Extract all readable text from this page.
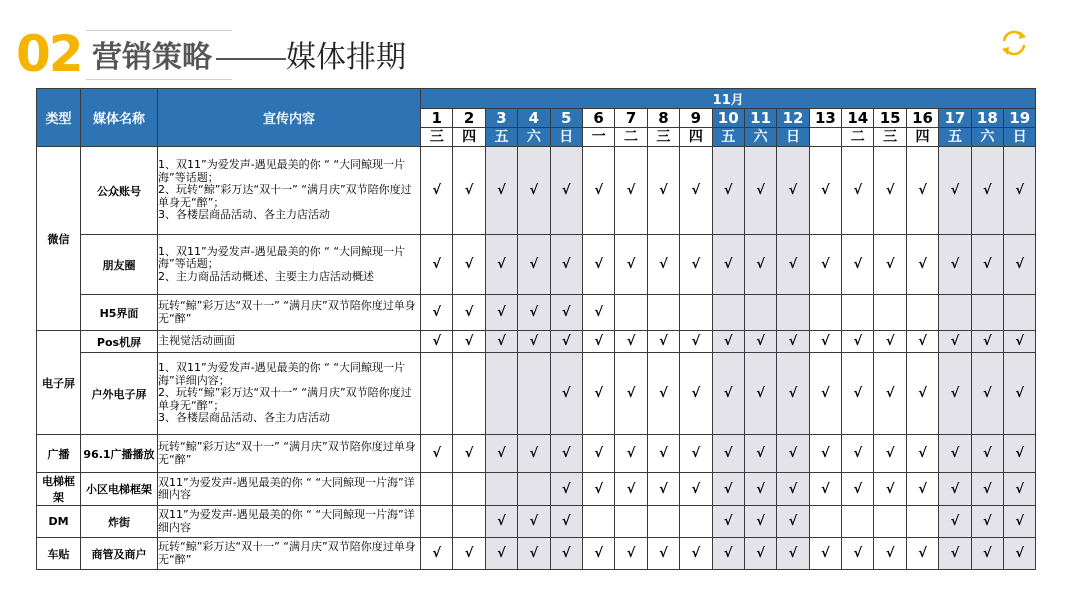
02 营销策略 媒体排期
类型	媒体名称	宣传内容	11月																		
			1	2	3	4	5	6	7	8	9	10	11	12	13	14	15	16	17	18	19
			三	四	五	六	日	一	二	三	四	五	六	日		二	三	四	五	六	日
微信	公众账号	1、双11”为爱发声-遇见最美的你 “ “大同鲸现一片海”等话题；
2、玩转“鲸”彩万达“双十一” “满月庆”双节陪你度过单身无“醉”；
3、各楼层商品活动、各主力店活动	√	√	√	√	√	√	√	√	√	√	√	√	√	√	√	√	√	√	√
	朋友圈	1、双11”为爱发声-遇见最美的你 “ “大同鲸现一片海”等话题；
2、主力商品活动概述、主要主力店活动概述	√	√	√	√	√	√	√	√	√	√	√	√	√	√	√	√	√	√	√
	H5界面	玩转“鲸”彩万达“双十一” “满月庆”双节陪你度过单身无“醉”	√	√	√	√	√	√													
电子屏	Pos机屏	主视觉活动画面	√	√	√	√	√	√	√	√	√	√	√	√	√	√	√	√	√	√	√
	户外电子屏	1、双11”为爱发声-遇见最美的你 “ “大同鲸现一片海”详细内容；
2、玩转“鲸”彩万达“双十一” “满月庆”双节陪你度过单身无“醉”；
3、各楼层商品活动、各主力店活动					√	√	√	√	√	√	√	√	√	√	√	√	√	√	√
广播	96.1广播播放	玩转“鲸”彩万达“双十一” “满月庆”双节陪你度过单身无“醉”	√	√	√	√	√	√	√	√	√	√	√	√	√	√	√	√	√	√	√
电梯框架	小区电梯框架	双11”为爱发声-遇见最美的你 “ “大同鲸现一片海”详细内容					√	√	√	√	√	√	√	√	√	√	√	√	√	√	√
DM	炸街	双11”为爱发声-遇见最美的你 “ “大同鲸现一片海”详细内容			√	√	√					√	√	√					√	√	√
车贴	商管及商户	玩转“鲸”彩万达“双十一” “满月庆”双节陪你度过单身无“醉”	√	√	√	√	√	√	√	√	√	√	√	√	√	√	√	√	√	√	√
